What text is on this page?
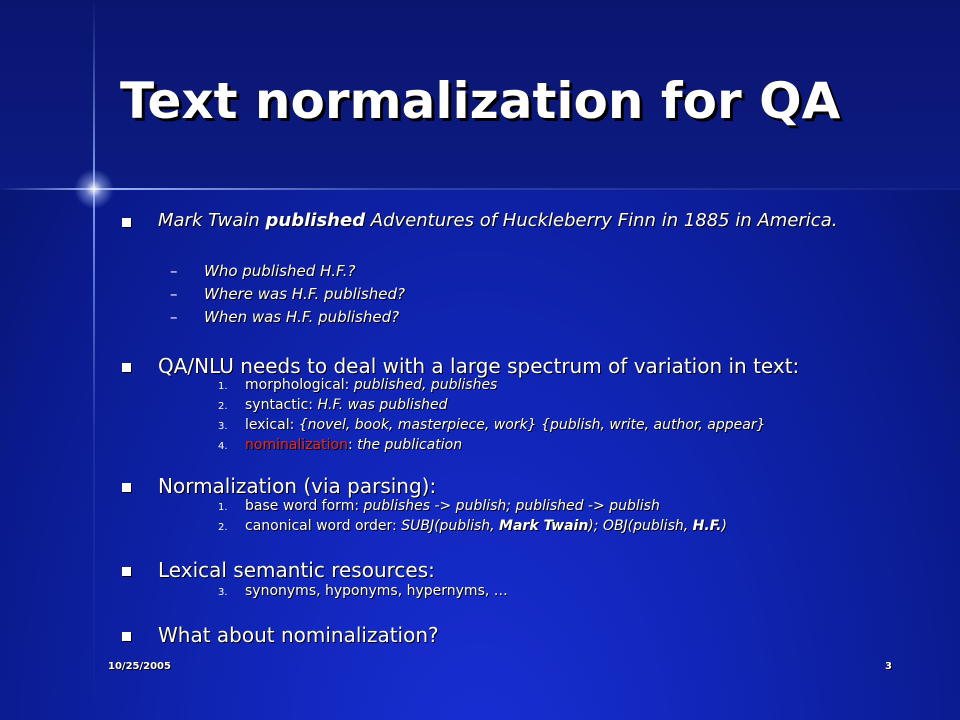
Text normalization for QA
Mark Twain published Adventures of Huckleberry Finn in 1885 in America.
– Who published H.F.?
– Where was H.F. published?
– When was H.F. published?
QA/NLU needs to deal with a large spectrum of variation in text:
1. morphological: published, publishes
2. syntactic: H.F. was published
3. lexical: {novel, book, masterpiece, work} {publish, write, author, appear}
4. nominalization: the publication
Normalization (via parsing):
1. base word form: publishes -> publish; published -> publish
2. canonical word order: SUBJ(publish, Mark Twain); OBJ(publish, H.F.)
Lexical semantic resources:
3. synonyms, hyponyms, hypernyms, …
What about nominalization?
10/25/2005	3
